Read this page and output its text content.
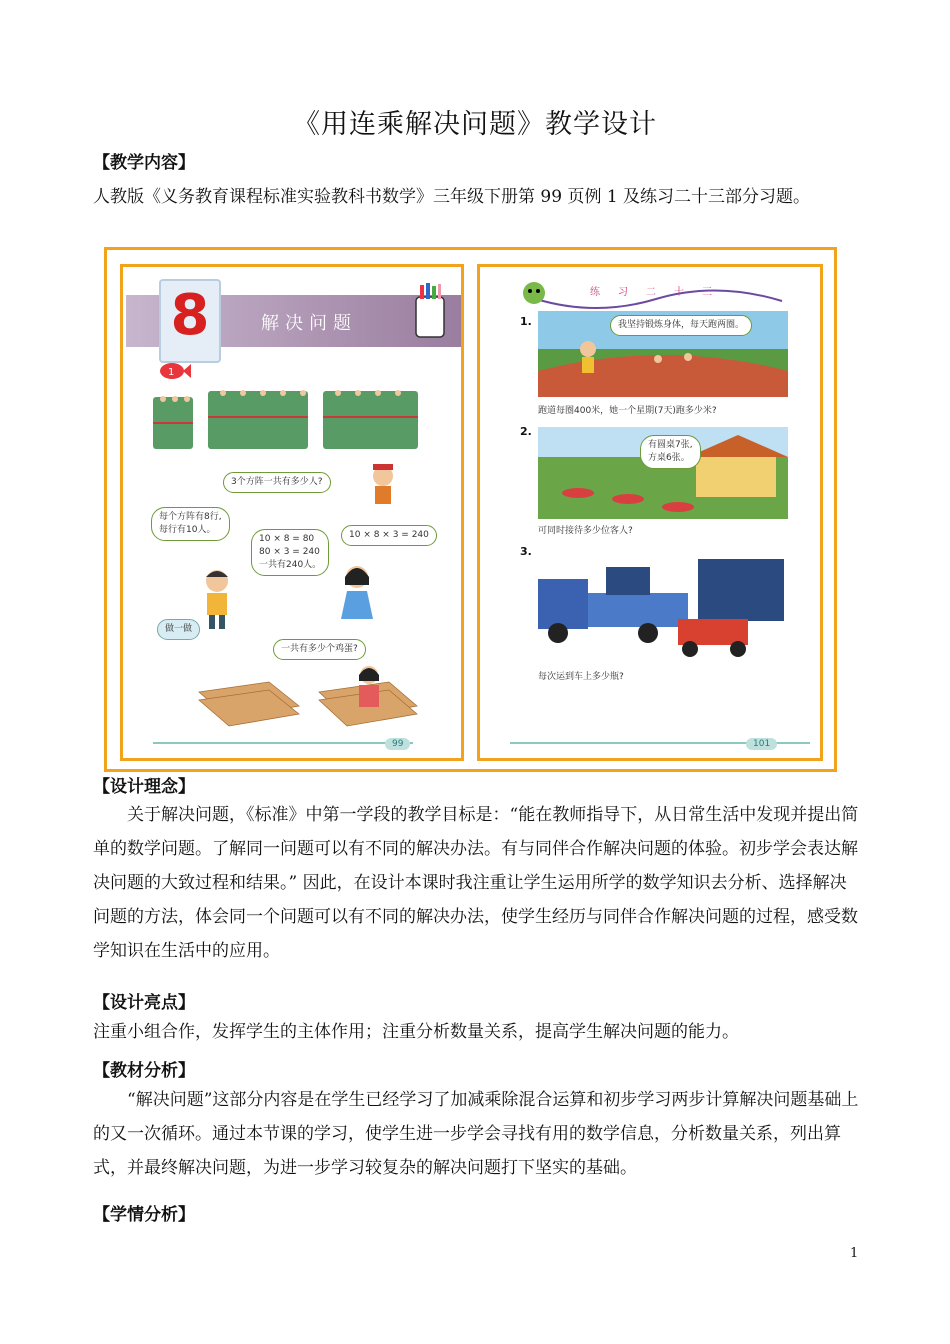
《用连乘解决问题》教学设计
【教学内容】
人教版《义务教育课程标准实验教科书数学》三年级下册第 99 页例 1 及练习二十三部分习题。
解决问题
8
1
3个方阵一共有多少人?
每个方阵有8行,
每行有10人。
10 × 8 = 80
80 × 3 = 240
一共有240人。
10 × 8 × 3 = 240
做一做
一共有多少个鸡蛋?
99
练习二十三
1.	我坚持锻炼身体，每天跑两圈。
跑道每圈400米，她一个星期(7天)跑多少米?
2.
有圆桌7张,
方桌6张。
可同时接待多少位客人?
3.
每次运到车上多少瓶?
101
【设计理念】
关于解决问题，《标准》中第一学段的教学目标是：“能在教师指导下，从日常生活中发现并提出简单的数学问题。了解同一问题可以有不同的解决办法。有与同伴合作解决问题的体验。初步学会表达解决问题的大致过程和结果。” 因此，在设计本课时我注重让学生运用所学的数学知识去分析、选择解决问题的方法，体会同一个问题可以有不同的解决办法，使学生经历与同伴合作解决问题的过程，感受数学知识在生活中的应用。
【设计亮点】
注重小组合作，发挥学生的主体作用；注重分析数量关系，提高学生解决问题的能力。
【教材分析】
“解决问题”这部分内容是在学生已经学习了加减乘除混合运算和初步学习两步计算解决问题基础上的又一次循环。通过本节课的学习，使学生进一步学会寻找有用的数学信息，分析数量关系，列出算式，并最终解决问题，为进一步学习较复杂的解决问题打下坚实的基础。
【学情分析】
1
